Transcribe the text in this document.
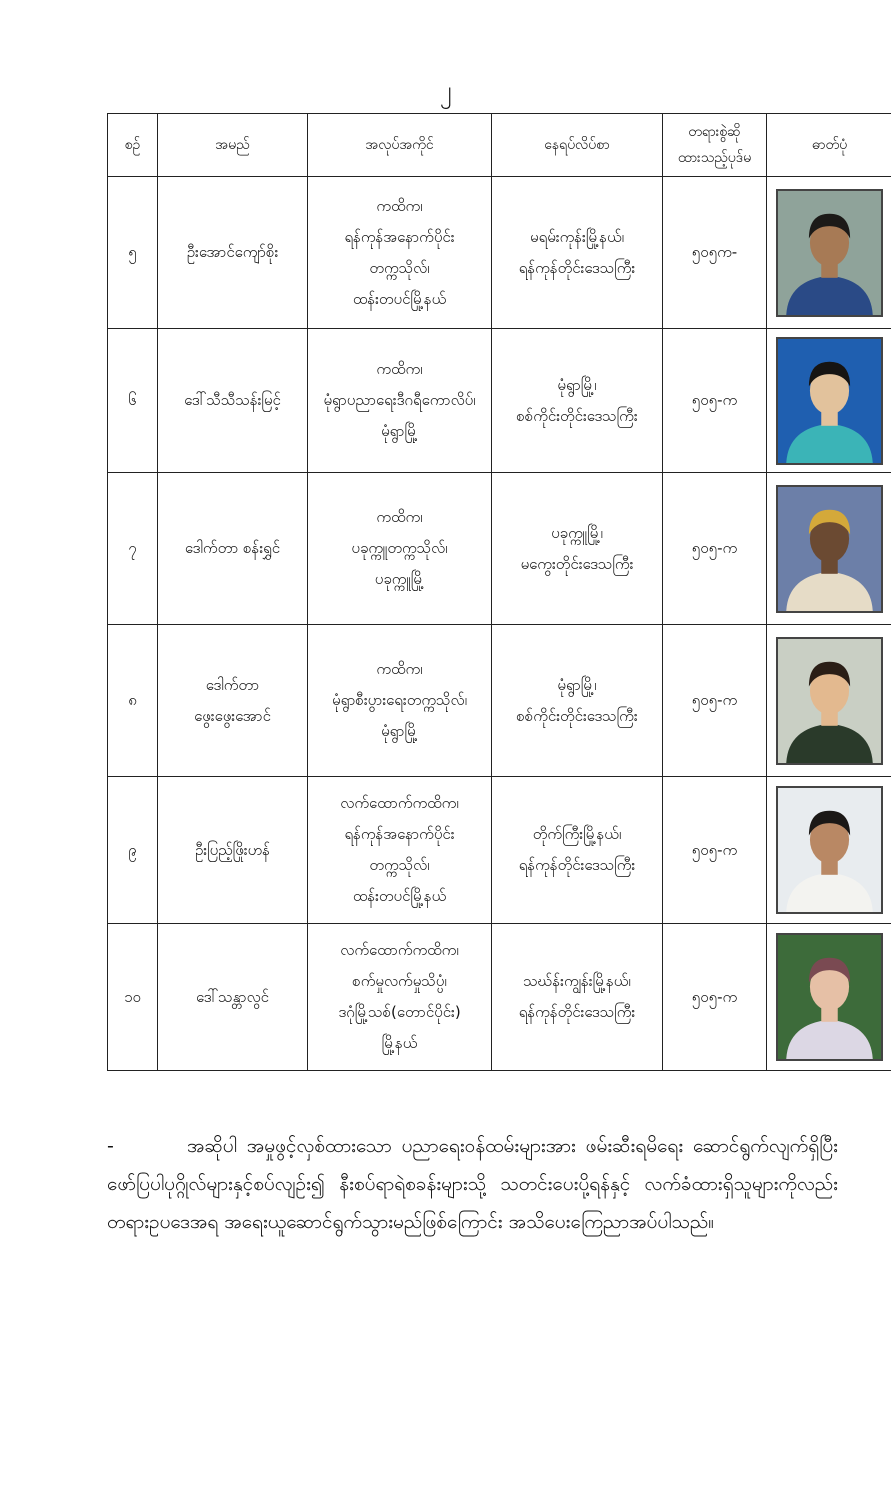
၂
စဉ်	အမည်	အလုပ်အကိုင်	နေရပ်လိပ်စာ	တရားစွဲဆို
ထားသည့်ပုဒ်မ	ဓာတ်ပုံ
၅	ဦးအောင်ကျော်စိုး	ကထိက၊
ရန်ကုန်အနောက်ပိုင်း
တက္ကသိုလ်၊
ထန်းတပင်မြို့နယ်	မရမ်းကုန်းမြို့နယ်၊
ရန်ကုန်တိုင်းဒေသကြီး	၅၀၅က-	

၆	ဒေါ်သီသီသန်းမြင့်	ကထိက၊
မုံရွာပညာရေးဒီဂရီကောလိပ်၊
မုံရွာမြို့	မုံရွာမြို့၊
စစ်ကိုင်းတိုင်းဒေသကြီး	၅၀၅-က	

၇	ဒေါက်တာ စန်းရွှင်	ကထိက၊
ပခုက္ကူတက္ကသိုလ်၊
ပခုက္ကူမြို့	ပခုက္ကူမြို့၊
မကွေးတိုင်းဒေသကြီး	၅၀၅-က	

၈	ဒေါက်တာ
ဖွေးဖွေးအောင်	ကထိက၊
မုံရွာစီးပွားရေးတက္ကသိုလ်၊
မုံရွာမြို့	မုံရွာမြို့၊
စစ်ကိုင်းတိုင်းဒေသကြီး	၅၀၅-က	

၉	ဦးပြည့်ဖြိုးဟန်	လက်ထောက်ကထိက၊
ရန်ကုန်အနောက်ပိုင်း
တက္ကသိုလ်၊
ထန်းတပင်မြို့နယ်	တိုက်ကြီးမြို့နယ်၊
ရန်ကုန်တိုင်းဒေသကြီး	၅၀၅-က	

၁၀	ဒေါ်သန္တာလွင်	လက်ထောက်ကထိက၊
စက်မှုလက်မှုသိပ္ပံ၊
ဒဂုံမြို့သစ်(တောင်ပိုင်း)
မြို့နယ်	သဃ်န်းကျွန်းမြို့နယ်၊
ရန်ကုန်တိုင်းဒေသကြီး	၅၀၅-က	
-	အဆိုပါ အမှုဖွင့်လှစ်ထားသော ပညာရေးဝန်ထမ်းများအား ဖမ်းဆီးရမိရေး ဆောင်ရွက်လျက်ရှိပြီး ဖော်ပြပါပုဂ္ဂိုလ်များနှင့်စပ်လျဉ်း၍ နီးစပ်ရာရဲစခန်းများသို့ သတင်းပေးပို့ရန်နှင့် လက်ခံထားရှိသူများကိုလည်း တရားဥပဒေအရ အရေးယူဆောင်ရွက်သွားမည်ဖြစ်ကြောင်း အသိပေးကြေညာအပ်ပါသည်။
